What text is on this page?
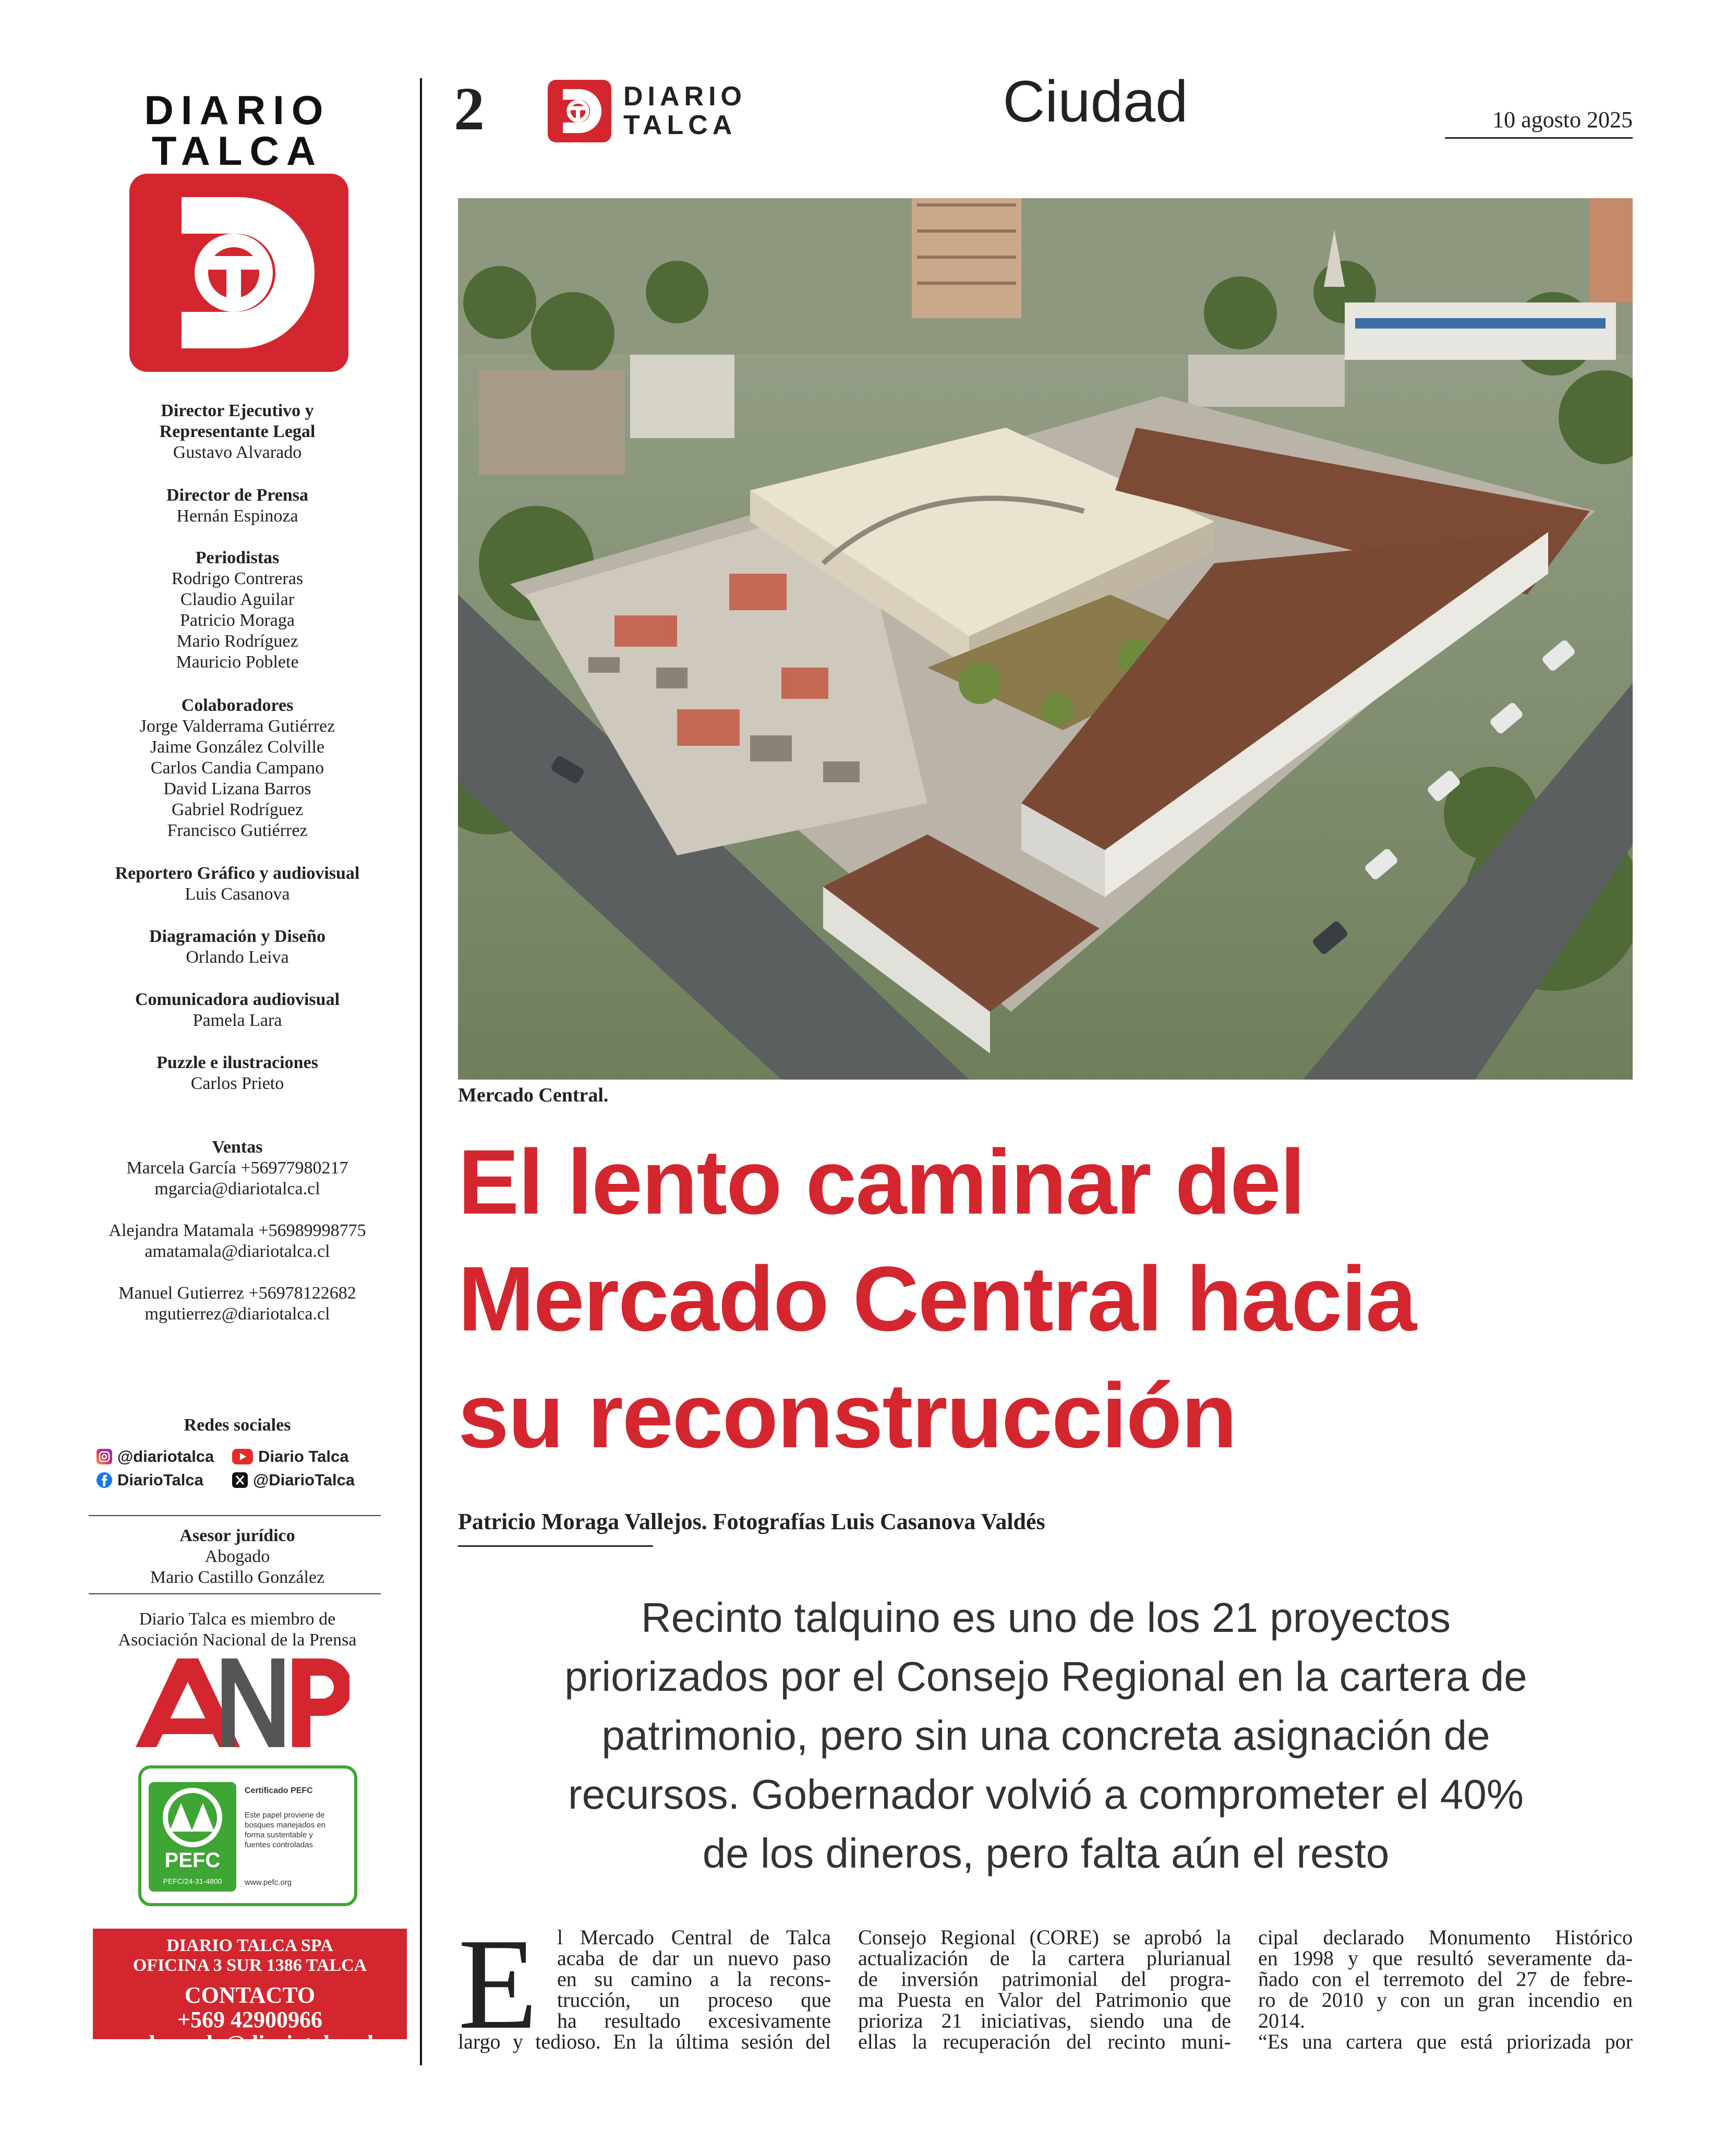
DIARIO
TALCA
Director Ejecutivo y
Representante Legal
Gustavo Alvarado
Director de Prensa
Hernán Espinoza
Periodistas
Rodrigo Contreras
Claudio Aguilar
Patricio Moraga
Mario Rodríguez
Mauricio Poblete
Colaboradores
Jorge Valderrama Gutiérrez
Jaime González Colville
Carlos Candia Campano
David Lizana Barros
Gabriel Rodríguez
Francisco Gutiérrez
Reportero Gráfico y audiovisual
Luis Casanova
Diagramación y Diseño
Orlando Leiva
Comunicadora audiovisual
Pamela Lara
Puzzle e ilustraciones
Carlos Prieto
Ventas
Marcela García +56977980217
mgarcia@diariotalca.cl
Alejandra Matamala +56989998775
amatamala@diariotalca.cl
Manuel Gutierrez +56978122682
mgutierrez@diariotalca.cl
Redes sociales
@diariotalca	Diario Talca
DiarioTalca	@DiarioTalca
Asesor jurídico
Abogado
Mario Castillo González
Diario Talca es miembro de
Asociación Nacional de la Prensa
ANP
PEFC
PEFC/24-31-4800
Certificado PEFC
Este papel proviene de
bosques manejados en
forma sustentable y
fuentes controladas
www.pefc.org
DIARIO TALCA SPA
OFICINA 3 SUR 1386 TALCA
CONTACTO
+569 42900966
galvarado@diariotalca.cl
2	DIARIO
TALCA	Ciudad	10 agosto 2025
Mercado Central.
El lento caminar del
Mercado Central hacia
su reconstrucción
Patricio Moraga Vallejos. Fotografías Luis Casanova Valdés
Recinto talquino es uno de los 21 proyectos
priorizados por el Consejo Regional en la cartera de
patrimonio, pero sin una concreta asignación de
recursos. Gobernador volvió a comprometer el 40%
de los dineros, pero falta aún el resto
E l Mercado Central de Talca
acaba de dar un nuevo paso
en su camino a la recons-
trucción, un proceso que
ha resultado excesivamente
largo y tedioso. En la última sesión del
Consejo Regional (CORE) se aprobó la
actualización de la cartera plurianual
de inversión patrimonial del progra-
ma Puesta en Valor del Patrimonio que
prioriza 21 iniciativas, siendo una de
ellas la recuperación del recinto muni-
cipal declarado Monumento Histórico
en 1998 y que resultó severamente da-
ñado con el terremoto del 27 de febre-
ro de 2010 y con un gran incendio en
2014.
“Es una cartera que está priorizada por
